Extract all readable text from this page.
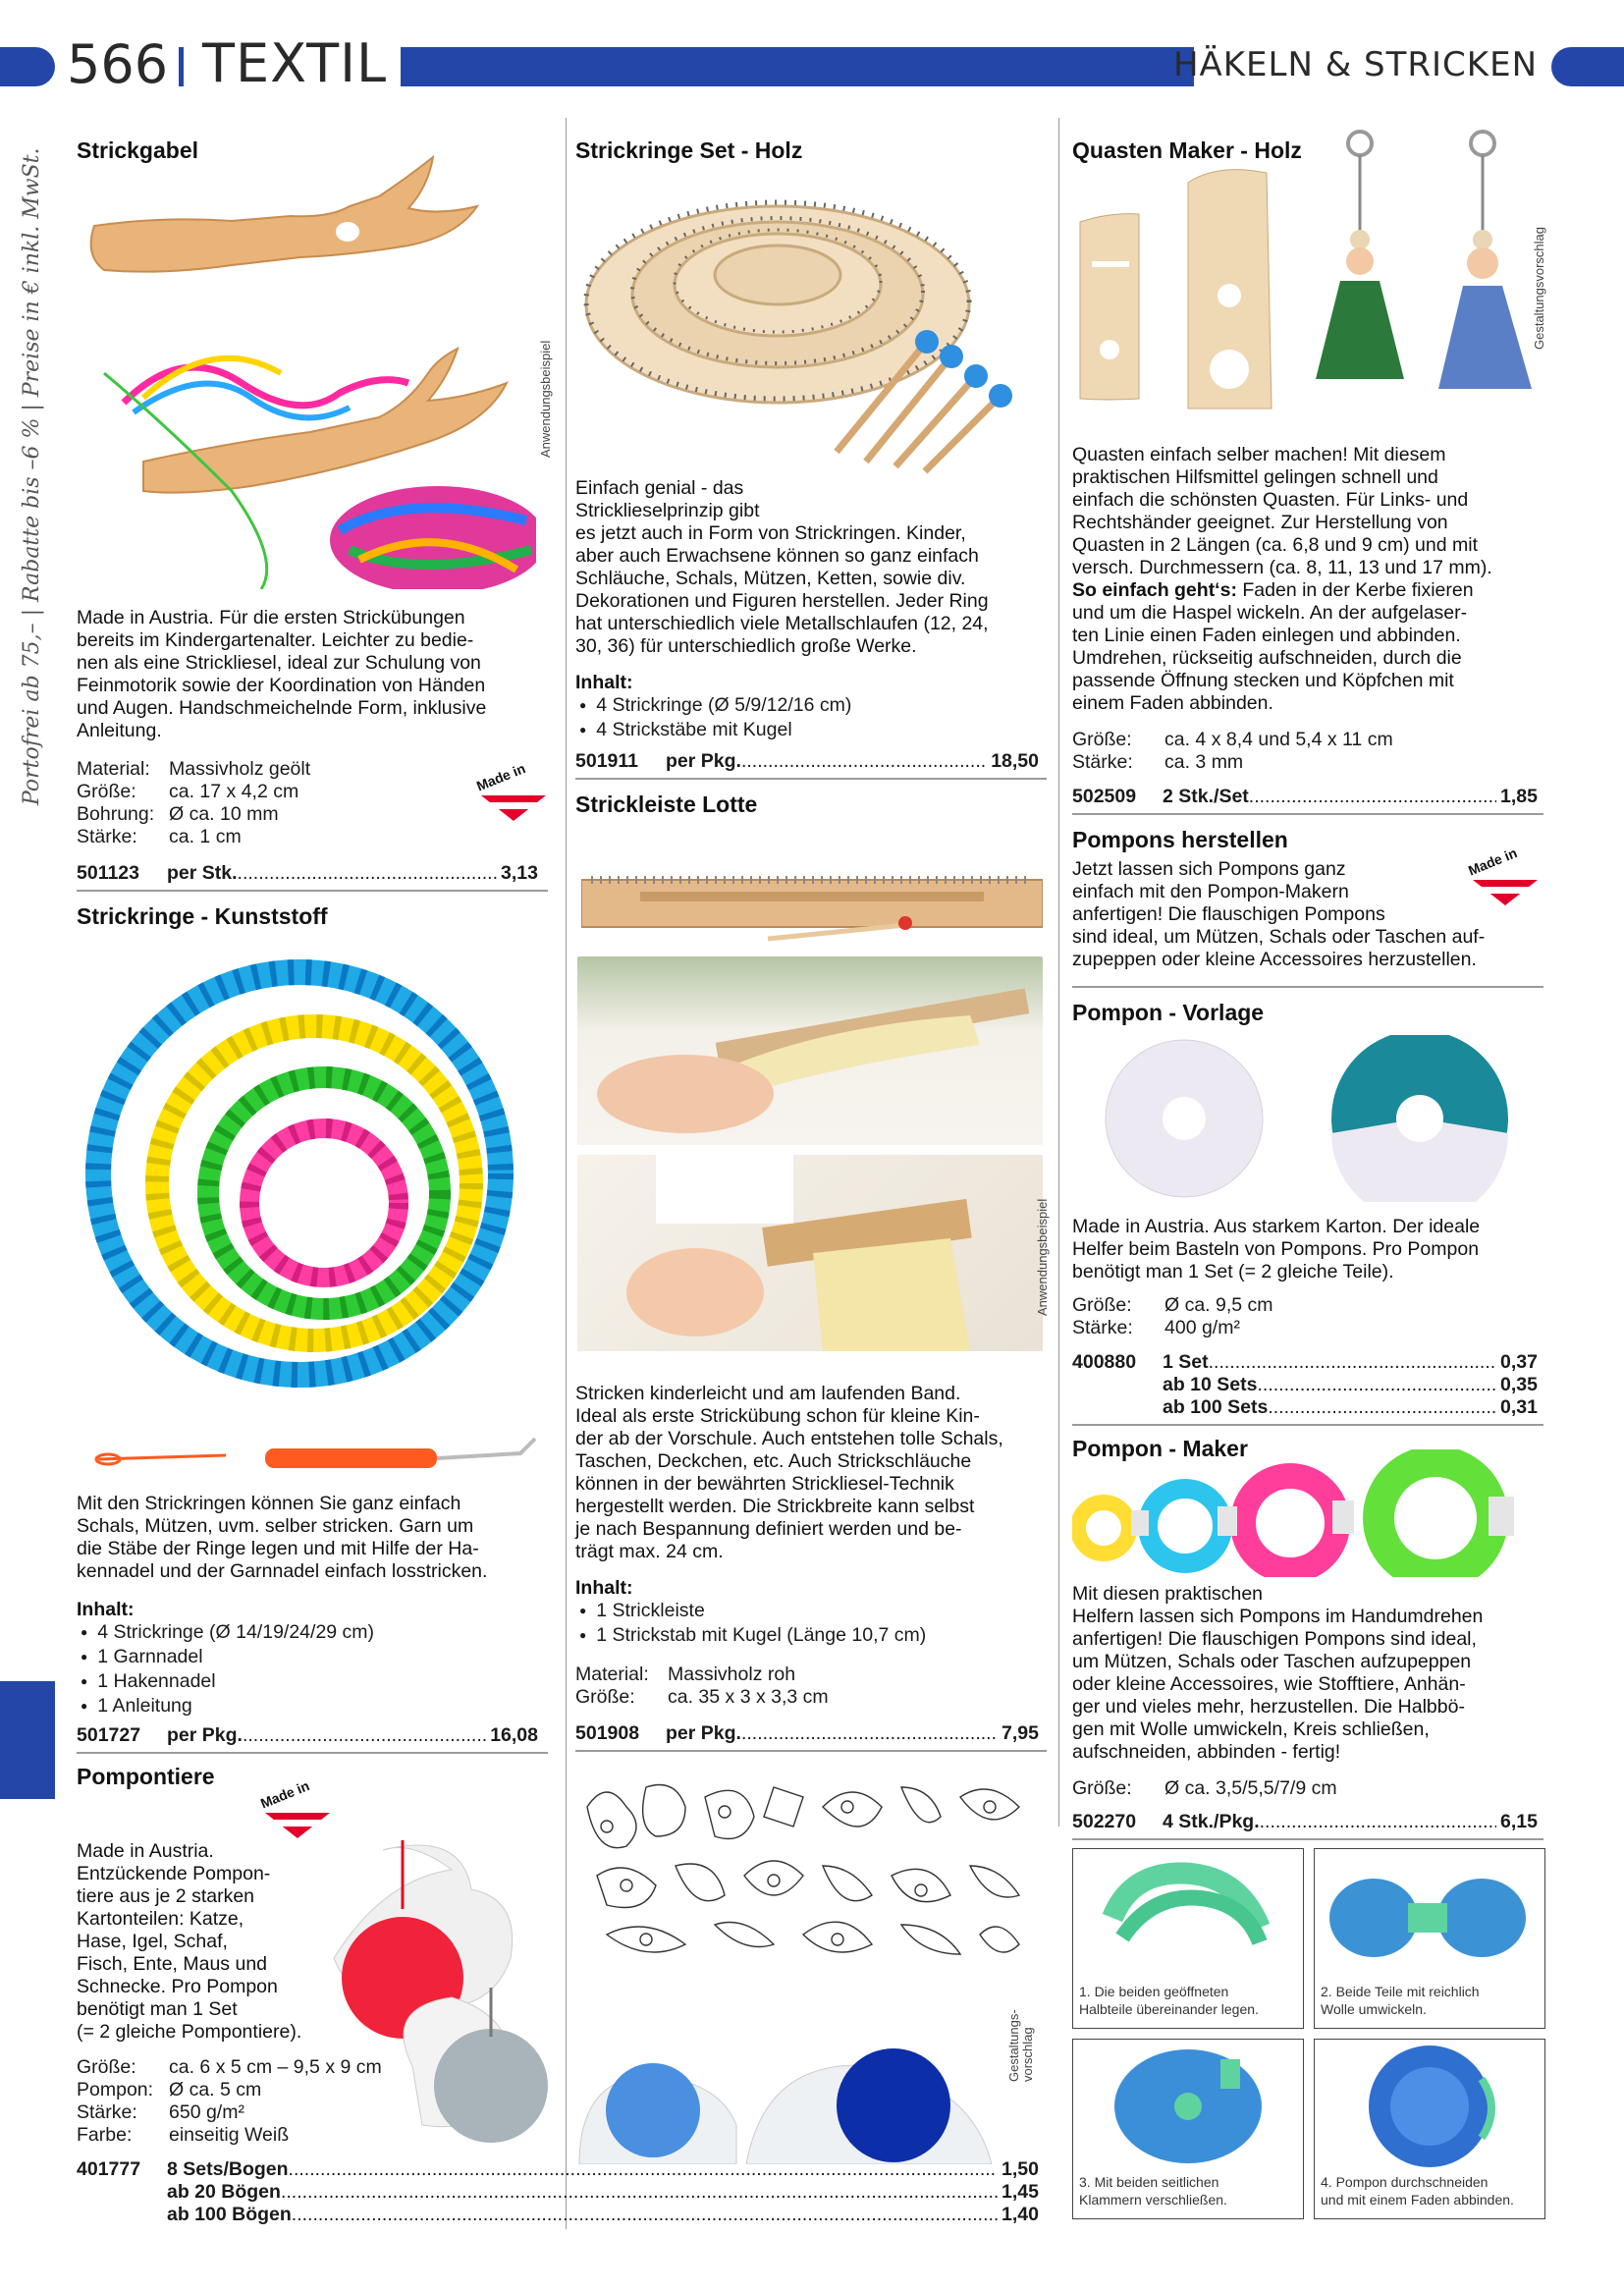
566 TEXTIL	HÄKELN & STRICKEN
Portofrei ab 75,– | Rabatte bis –6 % | Preise in € inkl. MwSt. Strickgabel
Anwendungsbeispiel
Made in Austria. Für die ersten Strickübungen
bereits im Kindergartenalter. Leichter zu bedie-
nen als eine Strickliesel, ideal zur Schulung von
Feinmotorik sowie der Koordination von Händen
und Augen. Handschmeichelnde Form, inklusive
Anleitung.
Material: Massivholz geölt
Größe: ca. 17 x 4,2 cm
Bohrung: Ø ca. 10 mm
Stärke: ca. 1 cm
Made in
501123	per Stk. .....	3,13
Strickringe - Kunststoff
Mit den Strickringen können Sie ganz einfach
Schals, Mützen, uvm. selber stricken. Garn um
die Stäbe der Ringe legen und mit Hilfe der Ha-
kennadel und der Garnnadel einfach losstricken.
Inhalt:
● 4 Strickringe (Ø 14/19/24/29 cm)
● 1 Garnnadel
● 1 Hakennadel
● 1 Anleitung
501727	per Pkg. .....	16,08
Pompontiere
Made in
Made in Austria.
Entzückende Pompon-
tiere aus je 2 starken
Kartonteilen: Katze,
Hase, Igel, Schaf,
Fisch, Ente, Maus und
Schnecke. Pro Pompon
benötigt man 1 Set
(= 2 gleiche Pompontiere).
Größe: ca. 6 x 5 cm – 9,5 x 9 cm
Pompon: Ø ca. 5 cm
Stärke: 650 g/m²
Farbe: einseitig Weiß
Gestaltungs-
vorschlag
401777	8 Sets/Bogen .....	1,50
ab 20 Bögen .....	1,45
ab 100 Bögen .....	1,40
Strickringe Set - Holz
Einfach genial - das
Stricklieselprinzip gibt
es jetzt auch in Form von Strickringen. Kinder,
aber auch Erwachsene können so ganz einfach
Schläuche, Schals, Mützen, Ketten, sowie div.
Dekorationen und Figuren herstellen. Jeder Ring
hat unterschiedlich viele Metallschlaufen (12, 24,
30, 36) für unterschiedlich große Werke.
Inhalt:
● 4 Strickringe (Ø 5/9/12/16 cm)
● 4 Strickstäbe mit Kugel
501911	per Pkg. .....	18,50
Strickleiste Lotte
Anwendungsbeispiel
Stricken kinderleicht und am laufenden Band.
Ideal als erste Strickübung schon für kleine Kin-
der ab der Vorschule. Auch entstehen tolle Schals,
Taschen, Deckchen, etc. Auch Strickschläuche
können in der bewährten Strickliesel-Technik
hergestellt werden. Die Strickbreite kann selbst
je nach Bespannung definiert werden und be-
trägt max. 24 cm.
Inhalt:
● 1 Strickleiste
● 1 Strickstab mit Kugel (Länge 10,7 cm)
Material: Massivholz roh
Größe: ca. 35 x 3 x 3,3 cm
501908	per Pkg. .....	7,95
Quasten Maker - Holz
Gestaltungsvorschlag
Quasten einfach selber machen! Mit diesem
praktischen Hilfsmittel gelingen schnell und
einfach die schönsten Quasten. Für Links- und
Rechtshänder geeignet. Zur Herstellung von
Quasten in 2 Längen (ca. 6,8 und 9 cm) und mit
versch. Durchmessern (ca. 8, 11, 13 und 17 mm).
So einfach geht‘s: Faden in der Kerbe fixieren
und um die Haspel wickeln. An der aufgelaser-
ten Linie einen Faden einlegen und abbinden.
Umdrehen, rückseitig aufschneiden, durch die
passende Öffnung stecken und Köpfchen mit
einem Faden abbinden.
Größe: ca. 4 x 8,4 und 5,4 x 11 cm
Stärke: ca. 3 mm
502509	2 Stk./Set .....	1,85
Pompons herstellen
Made in
Jetzt lassen sich Pompons ganz
einfach mit den Pompon-Makern
anfertigen! Die flauschigen Pompons
sind ideal, um Mützen, Schals oder Taschen auf-
zupeppen oder kleine Accessoires herzustellen.
Pompon - Vorlage
Made in Austria. Aus starkem Karton. Der ideale
Helfer beim Basteln von Pompons. Pro Pompon
benötigt man 1 Set (= 2 gleiche Teile).
Größe: Ø ca. 9,5 cm
Stärke: 400 g/m²
400880	1 Set .....	0,37
ab 10 Sets .....	0,35
ab 100 Sets .....	0,31
Pompon - Maker
Mit diesen praktischen
Helfern lassen sich Pompons im Handumdrehen
anfertigen! Die flauschigen Pompons sind ideal,
um Mützen, Schals oder Taschen aufzupeppen
oder kleine Accessoires, wie Stofftiere, Anhän-
ger und vieles mehr, herzustellen. Die Halbbö-
gen mit Wolle umwickeln, Kreis schließen,
aufschneiden, abbinden - fertig!
Größe: Ø ca. 3,5/5,5/7/9 cm
502270	4 Stk./Pkg. .....	6,15
1. Die beiden geöffneten
Halbteile übereinander legen.
2. Beide Teile mit reichlich
Wolle umwickeln.
3. Mit beiden seitlichen
Klammern verschließen.
4. Pompon durchschneiden
und mit einem Faden abbinden.
